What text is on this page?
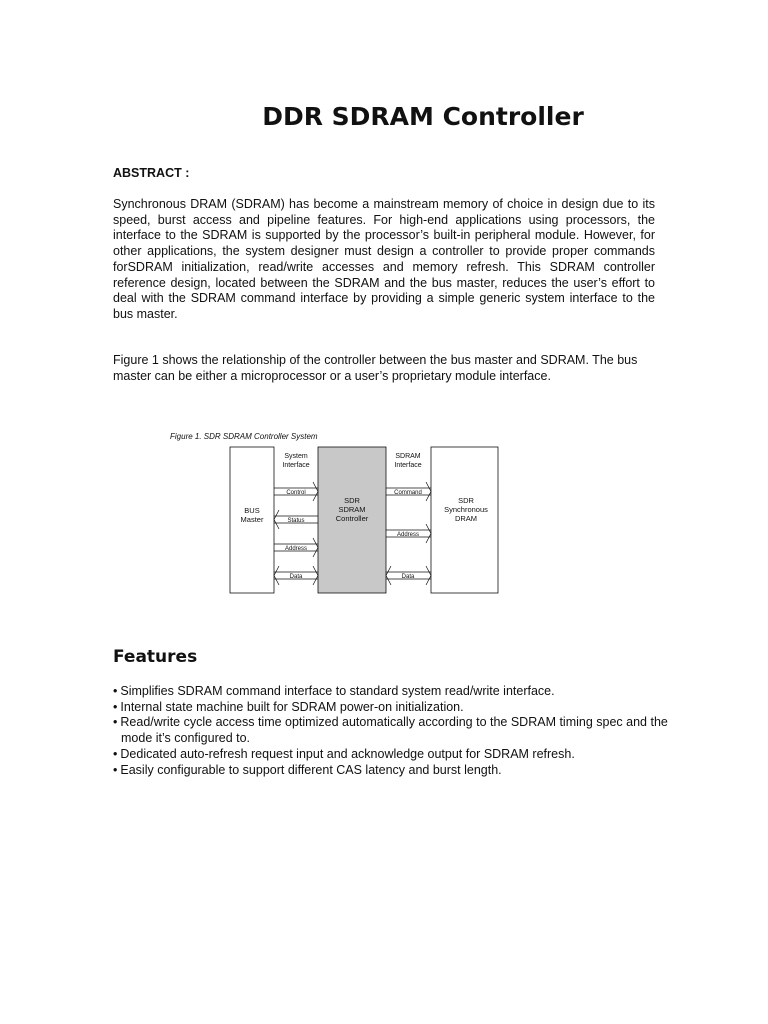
DDR SDRAM Controller
ABSTRACT :

Synchronous DRAM (SDRAM) has become a mainstream memory of choice in design due to its speed, burst access and pipeline features. For high-end applications using processors, the interface to the SDRAM is supported by the processor’s built-in peripheral module. However, for other applications, the system designer must design a controller to provide proper commands forSDRAM initialization, read/write accesses and memory refresh. This SDRAM controller reference design, located between the SDRAM and the bus master, reduces the user’s effort to deal with the SDRAM command interface by providing a simple generic system interface to the bus master.

Figure 1 shows the relationship of the controller between the bus master and SDRAM. The bus master can be either a microprocessor or a user’s proprietary module interface.

Figure 1. SDR SDRAM Controller System
BUS
Master
SDR
SDRAM
Controller
SDR
Synchronous
DRAM
System
Interface
SDRAM
Interface
Control
Status
Address
Data
Command
Address
Data
Features
• Simplifies SDRAM command interface to standard system read/write interface.
• Internal state machine built for SDRAM power-on initialization.
• Read/write cycle access time optimized automatically according to the SDRAM timing spec and the mode it’s configured to.
• Dedicated auto-refresh request input and acknowledge output for SDRAM refresh.
• Easily configurable to support different CAS latency and burst length.
